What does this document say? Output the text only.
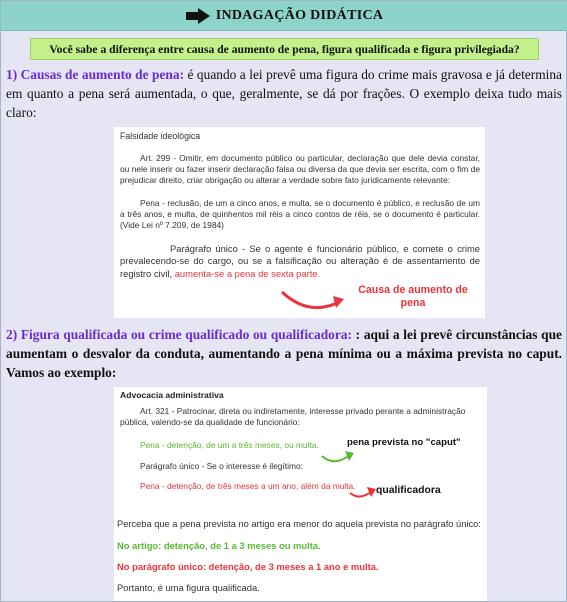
INDAGAÇÃO DIDÁTICA
Você sabe a diferença entre causa de aumento de pena, figura qualificada e figura privilegiada?
1) Causas de aumento de pena: é quando a lei prevê uma figura do crime mais gravosa e já determina em quanto a pena será aumentada, o que, geralmente, se dá por frações. O exemplo deixa tudo mais claro:
Falsidade ideológica
Art. 299 - Omitir, em documento público ou particular, declaração que dele devia constar, ou nele inserir ou fazer inserir declaração falsa ou diversa da que devia ser escrita, com o fim de prejudicar direito, criar obrigação ou alterar a verdade sobre fato juridicamente relevante:
Pena - reclusão, de um a cinco anos, e multa, se o documento é público, e reclusão de um a três anos, e multa, de quinhentos mil réis a cinco contos de réis, se o documento é particular. (Vide Lei nº 7.209, de 1984)
Parágrafo único - Se o agente é funcionário público, e comete o crime prevalecendo-se do cargo, ou se a falsificação ou alteração é de assentamento de registro civil, aumenta-se a pena de sexta parte.
Causa de aumento de
pena
2) Figura qualificada ou crime qualificado ou qualificadora: : aqui a lei prevê circunstâncias que aumentam o desvalor da conduta, aumentando a pena mínima ou a máxima prevista no caput. Vamos ao exemplo:
Advocacia administrativa
Art. 321 - Patrocinar, direta ou indiretamente, interesse privado perante a administração pública, valendo-se da qualidade de funcionário:
Pena - detenção, de um a três meses, ou multa.	pena prevista no "caput"
Parágrafo único - Se o interesse é ilegítimo:
Pena - detenção, de três meses a um ano, além da multa. qualificadora
Perceba que a pena prevista no artigo era menor do aquela prevista no parágrafo único:
No artigo: detenção, de 1 a 3 meses ou multa.
No parágrafo único: detenção, de 3 meses a 1 ano e multa.
Portanto, é uma figura qualificada.
